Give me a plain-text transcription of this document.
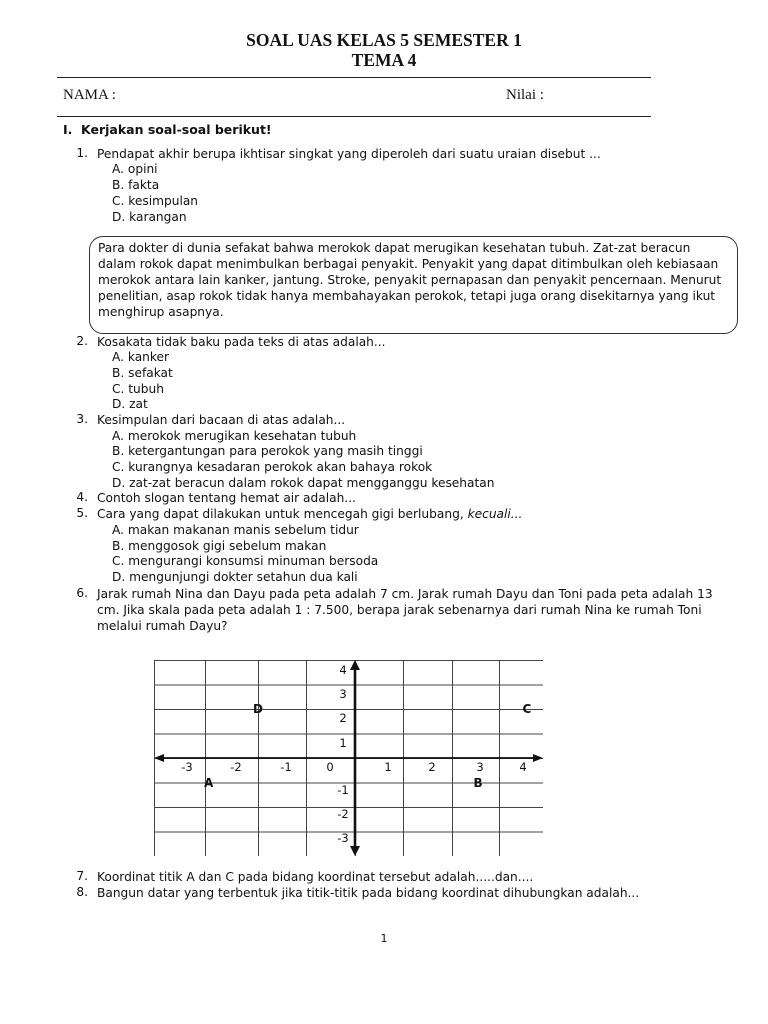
SOAL UAS KELAS 5 SEMESTER 1
TEMA 4
NAMA :	Nilai :
I. Kerjakan soal-soal berikut!
1. Pendapat akhir berupa ikhtisar singkat yang diperoleh dari suatu uraian disebut ...
A. opini
B. fakta
C. kesimpulan
D. karangan
Para dokter di dunia sefakat bahwa merokok dapat merugikan kesehatan tubuh. Zat-zat beracun
dalam rokok dapat menimbulkan berbagai penyakit. Penyakit yang dapat ditimbulkan oleh kebiasaan
merokok antara lain kanker, jantung. Stroke, penyakit pernapasan dan penyakit pencernaan. Menurut
penelitian, asap rokok tidak hanya membahayakan perokok, tetapi juga orang disekitarnya yang ikut
menghirup asapnya.
2. Kosakata tidak baku pada teks di atas adalah...
A. kanker
B. sefakat
C. tubuh
D. zat
3. Kesimpulan dari bacaan di atas adalah...
A. merokok merugikan kesehatan tubuh
B. ketergantungan para perokok yang masih tinggi
C. kurangnya kesadaran perokok akan bahaya rokok
D. zat-zat beracun dalam rokok dapat mengganggu kesehatan
4. Contoh slogan tentang hemat air adalah...
5. Cara yang dapat dilakukan untuk mencegah gigi berlubang, kecuali...
A. makan makanan manis sebelum tidur
B. menggosok gigi sebelum makan
C. mengurangi konsumsi minuman bersoda
D. mengunjungi dokter setahun dua kali
6. Jarak rumah Nina dan Dayu pada peta adalah 7 cm. Jarak rumah Dayu dan Toni pada peta adalah 13
cm. Jika skala pada peta adalah 1 : 7.500, berapa jarak sebenarnya dari rumah Nina ke rumah Toni
melalui rumah Dayu?
-3	-2	-1	0	1	2	3	4
4
3
2
1
-1
-2
-3
A	B
C
D
7. Koordinat titik A dan C pada bidang koordinat tersebut adalah.....dan....
8. Bangun datar yang terbentuk jika titik-titik pada bidang koordinat dihubungkan adalah...
1
